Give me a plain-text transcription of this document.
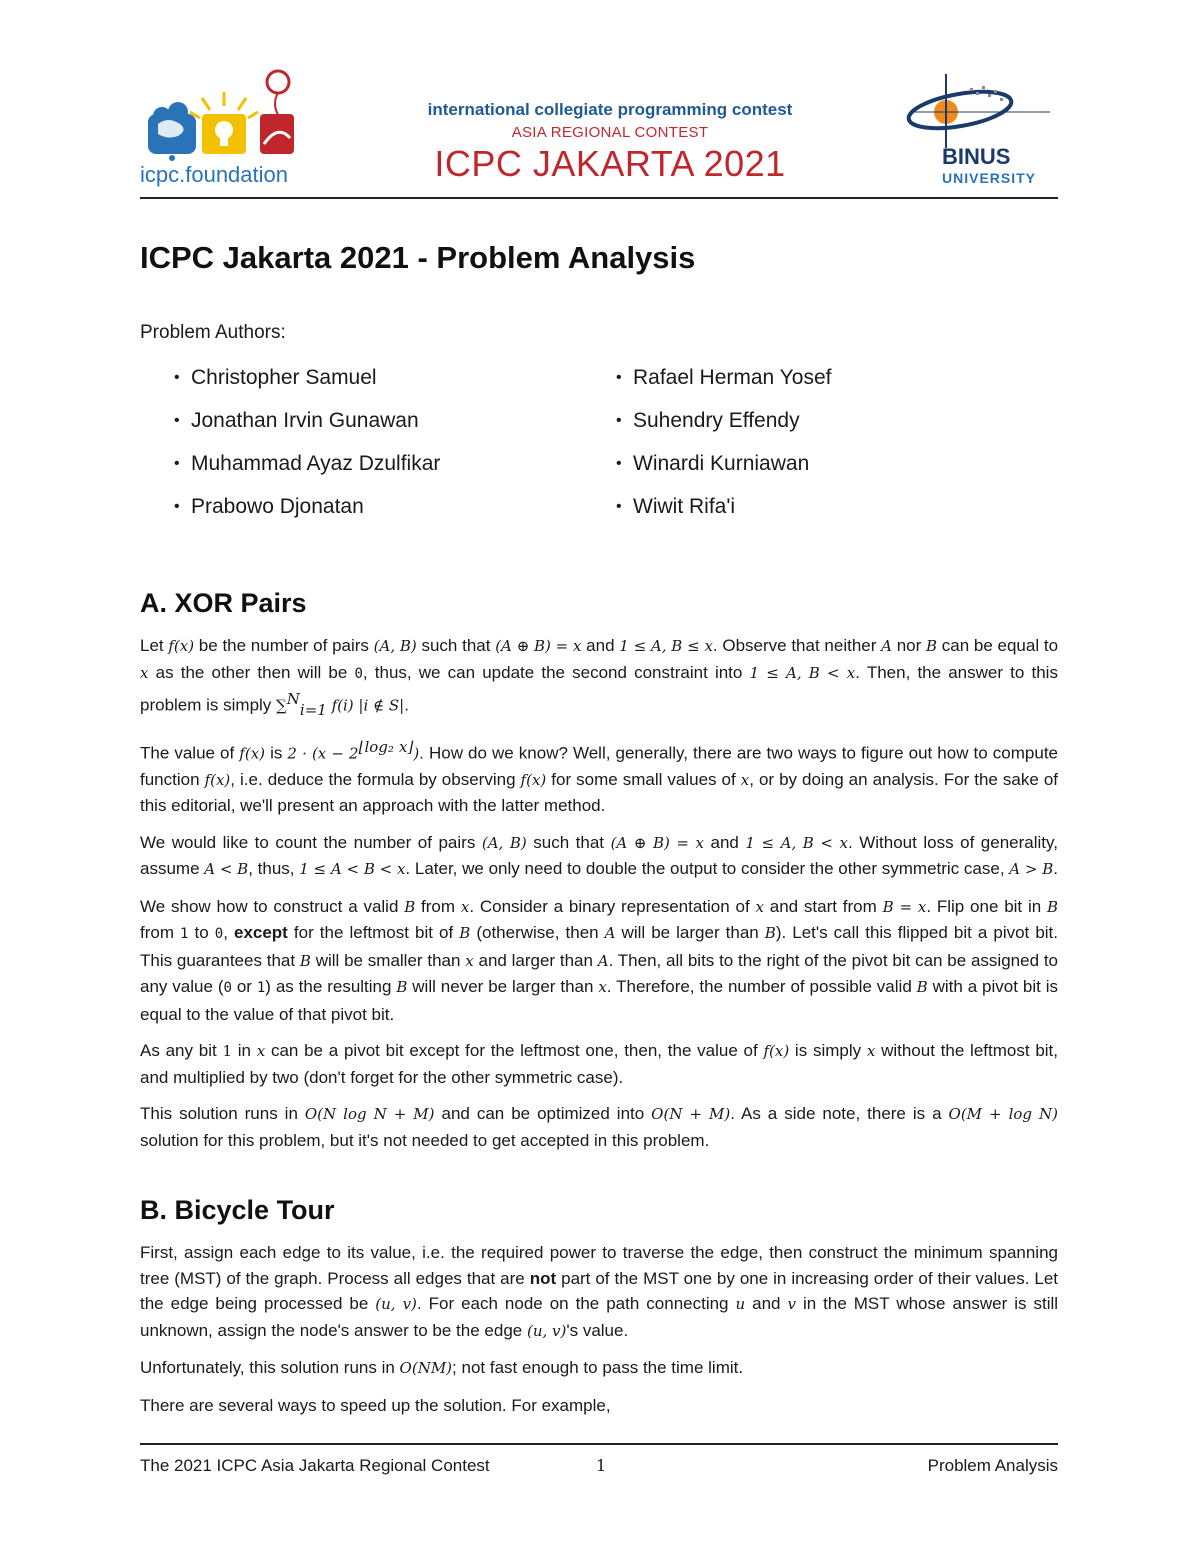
icpc.foundation
international collegiate programming contest
ASIA REGIONAL CONTEST
ICPC JAKARTA 2021	BINUS
UNIVERSITY
ICPC Jakarta 2021 - Problem Analysis
Problem Authors:
• Christopher Samuel
• Jonathan Irvin Gunawan
• Muhammad Ayaz Dzulfikar
• Prabowo Djonatan
• Rafael Herman Yosef
• Suhendry Effendy
• Winardi Kurniawan
• Wiwit Rifa'i
A. XOR Pairs

Let f(x) be the number of pairs (A, B) such that (A ⊕ B) = x and 1 ≤ A, B ≤ x. Observe that neither A nor B can be equal to x as the other then will be 0, thus, we can update the second constraint into 1 ≤ A, B < x. Then, the answer to this problem is simply ∑$^N_{i=1}$ f(i) |i ∉ S|.

The value of f(x) is $2 \cdot (x - 2^{⌊log_2 x⌋})$. How do we know? Well, generally, there are two ways to figure out how to compute function f(x), i.e. deduce the formula by observing f(x) for some small values of x, or by doing an analysis. For the sake of this editorial, we'll present an approach with the latter method.

We would like to count the number of pairs (A, B) such that (A ⊕ B) = x and 1 ≤ A, B < x. Without loss of generality, assume A < B, thus, 1 ≤ A < B < x. Later, we only need to double the output to consider the other symmetric case, A > B.

We show how to construct a valid B from x. Consider a binary representation of x and start from B = x. Flip one bit in B from 1 to 0, except for the leftmost bit of B (otherwise, then A will be larger than B). Let's call this flipped bit a pivot bit. This guarantees that B will be smaller than x and larger than A. Then, all bits to the right of the pivot bit can be assigned to any value (0 or 1) as the resulting B will never be larger than x. Therefore, the number of possible valid B with a pivot bit is equal to the value of that pivot bit.

As any bit 1 in x can be a pivot bit except for the leftmost one, then, the value of f(x) is simply x without the leftmost bit, and multiplied by two (don't forget for the other symmetric case).

This solution runs in O(N log N + M) and can be optimized into O(N + M). As a side note, there is a O(M + log N) solution for this problem, but it's not needed to get accepted in this problem.

B. Bicycle Tour

First, assign each edge to its value, i.e. the required power to traverse the edge, then construct the minimum spanning tree (MST) of the graph. Process all edges that are not part of the MST one by one in increasing order of their values. Let the edge being processed be (u, v). For each node on the path connecting u and v in the MST whose answer is still unknown, assign the node's answer to be the edge (u, v)'s value.

Unfortunately, this solution runs in O(NM); not fast enough to pass the time limit.

There are several ways to speed up the solution. For example,

The 2021 ICPC Asia Jakarta Regional Contest	1	Problem Analysis
